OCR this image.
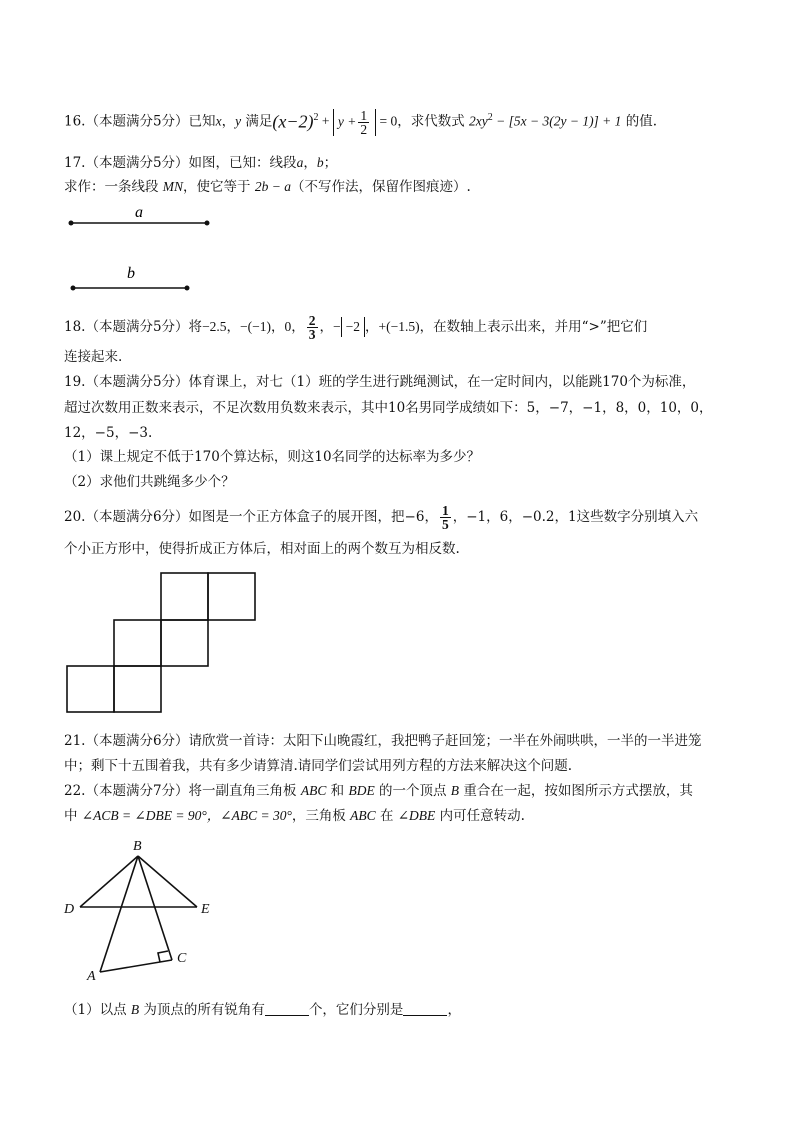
16.（本题满分5分）已知x，y 满足$(x-2)^2 + y + \frac{1}{2} = 0$，求代数式 $2xy^2 - [5x - 3(2y - 1)] + 1$ 的值.
17.（本题满分5分）如图，已知：线段a，b；
求作：一条线段 MN，使它等于 2b − a（不写作法，保留作图痕迹）.
a
b
18.（本题满分5分）将−2.5，−(−1)，0， $\frac{2}{3}$ ，− −2 ，+(−1.5)，在数轴上表示出来，并用“>”把它们
连接起来.
19.（本题满分5分）体育课上，对七（1）班的学生进行跳绳测试，在一定时间内，以能跳170个为标准，
超过次数用正数来表示，不足次数用负数来表示，其中10名男同学成绩如下：5，−7，−1，8，0，10，0，
12，−5，−3.
（1）课上规定不低于170个算达标，则这10名同学的达标率为多少？
（2）求他们共跳绳多少个？
20.（本题满分6分）如图是一个正方体盒子的展开图，把−6， $\frac{1}{5}$ ，−1，6，−0.2，1这些数字分别填入六
个小正方形中，使得折成正方体后，相对面上的两个数互为相反数.
21.（本题满分6分）请欣赏一首诗：太阳下山晚霞红，我把鸭子赶回笼；一半在外闹哄哄，一半的一半进笼
中；剩下十五围着我，共有多少请算清.请同学们尝试用列方程的方法来解决这个问题.
22.（本题满分7分）将一副直角三角板 ABC 和 BDE 的一个顶点 B 重合在一起，按如图所示方式摆放，其
中 ∠ACB = ∠DBE = 90°，∠ABC = 30°，三角板 ABC 在 ∠DBE 内可任意转动.
B
D	E
A
C
（1）以点 B 为顶点的所有锐角有	个，它们分别是	，
